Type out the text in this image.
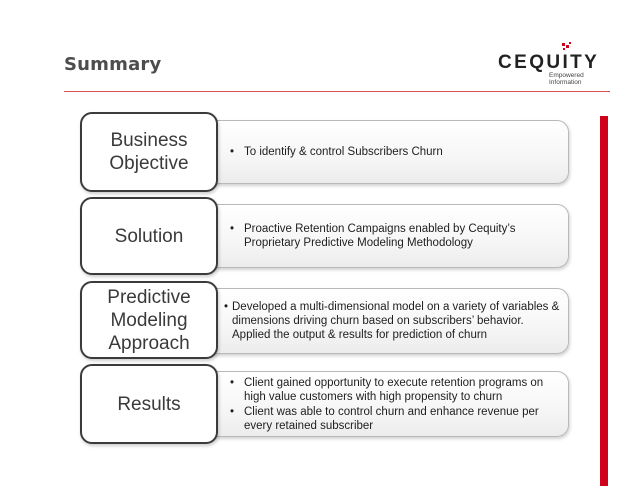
Summary	CEQUITY
Empowered Information
• To identify & control Subscribers Churn
Business Objective
• Proactive Retention Campaigns enabled by Cequity’s Proprietary Predictive Modeling Methodology
Solution
• Developed a multi-dimensional model on a variety of variables & dimensions driving churn based on subscribers’ behavior. Applied the output & results for prediction of churn
Predictive Modeling Approach
• Client gained opportunity to execute retention programs on high value customers with high propensity to churn
• Client was able to control churn and enhance revenue per every retained subscriber
Results
